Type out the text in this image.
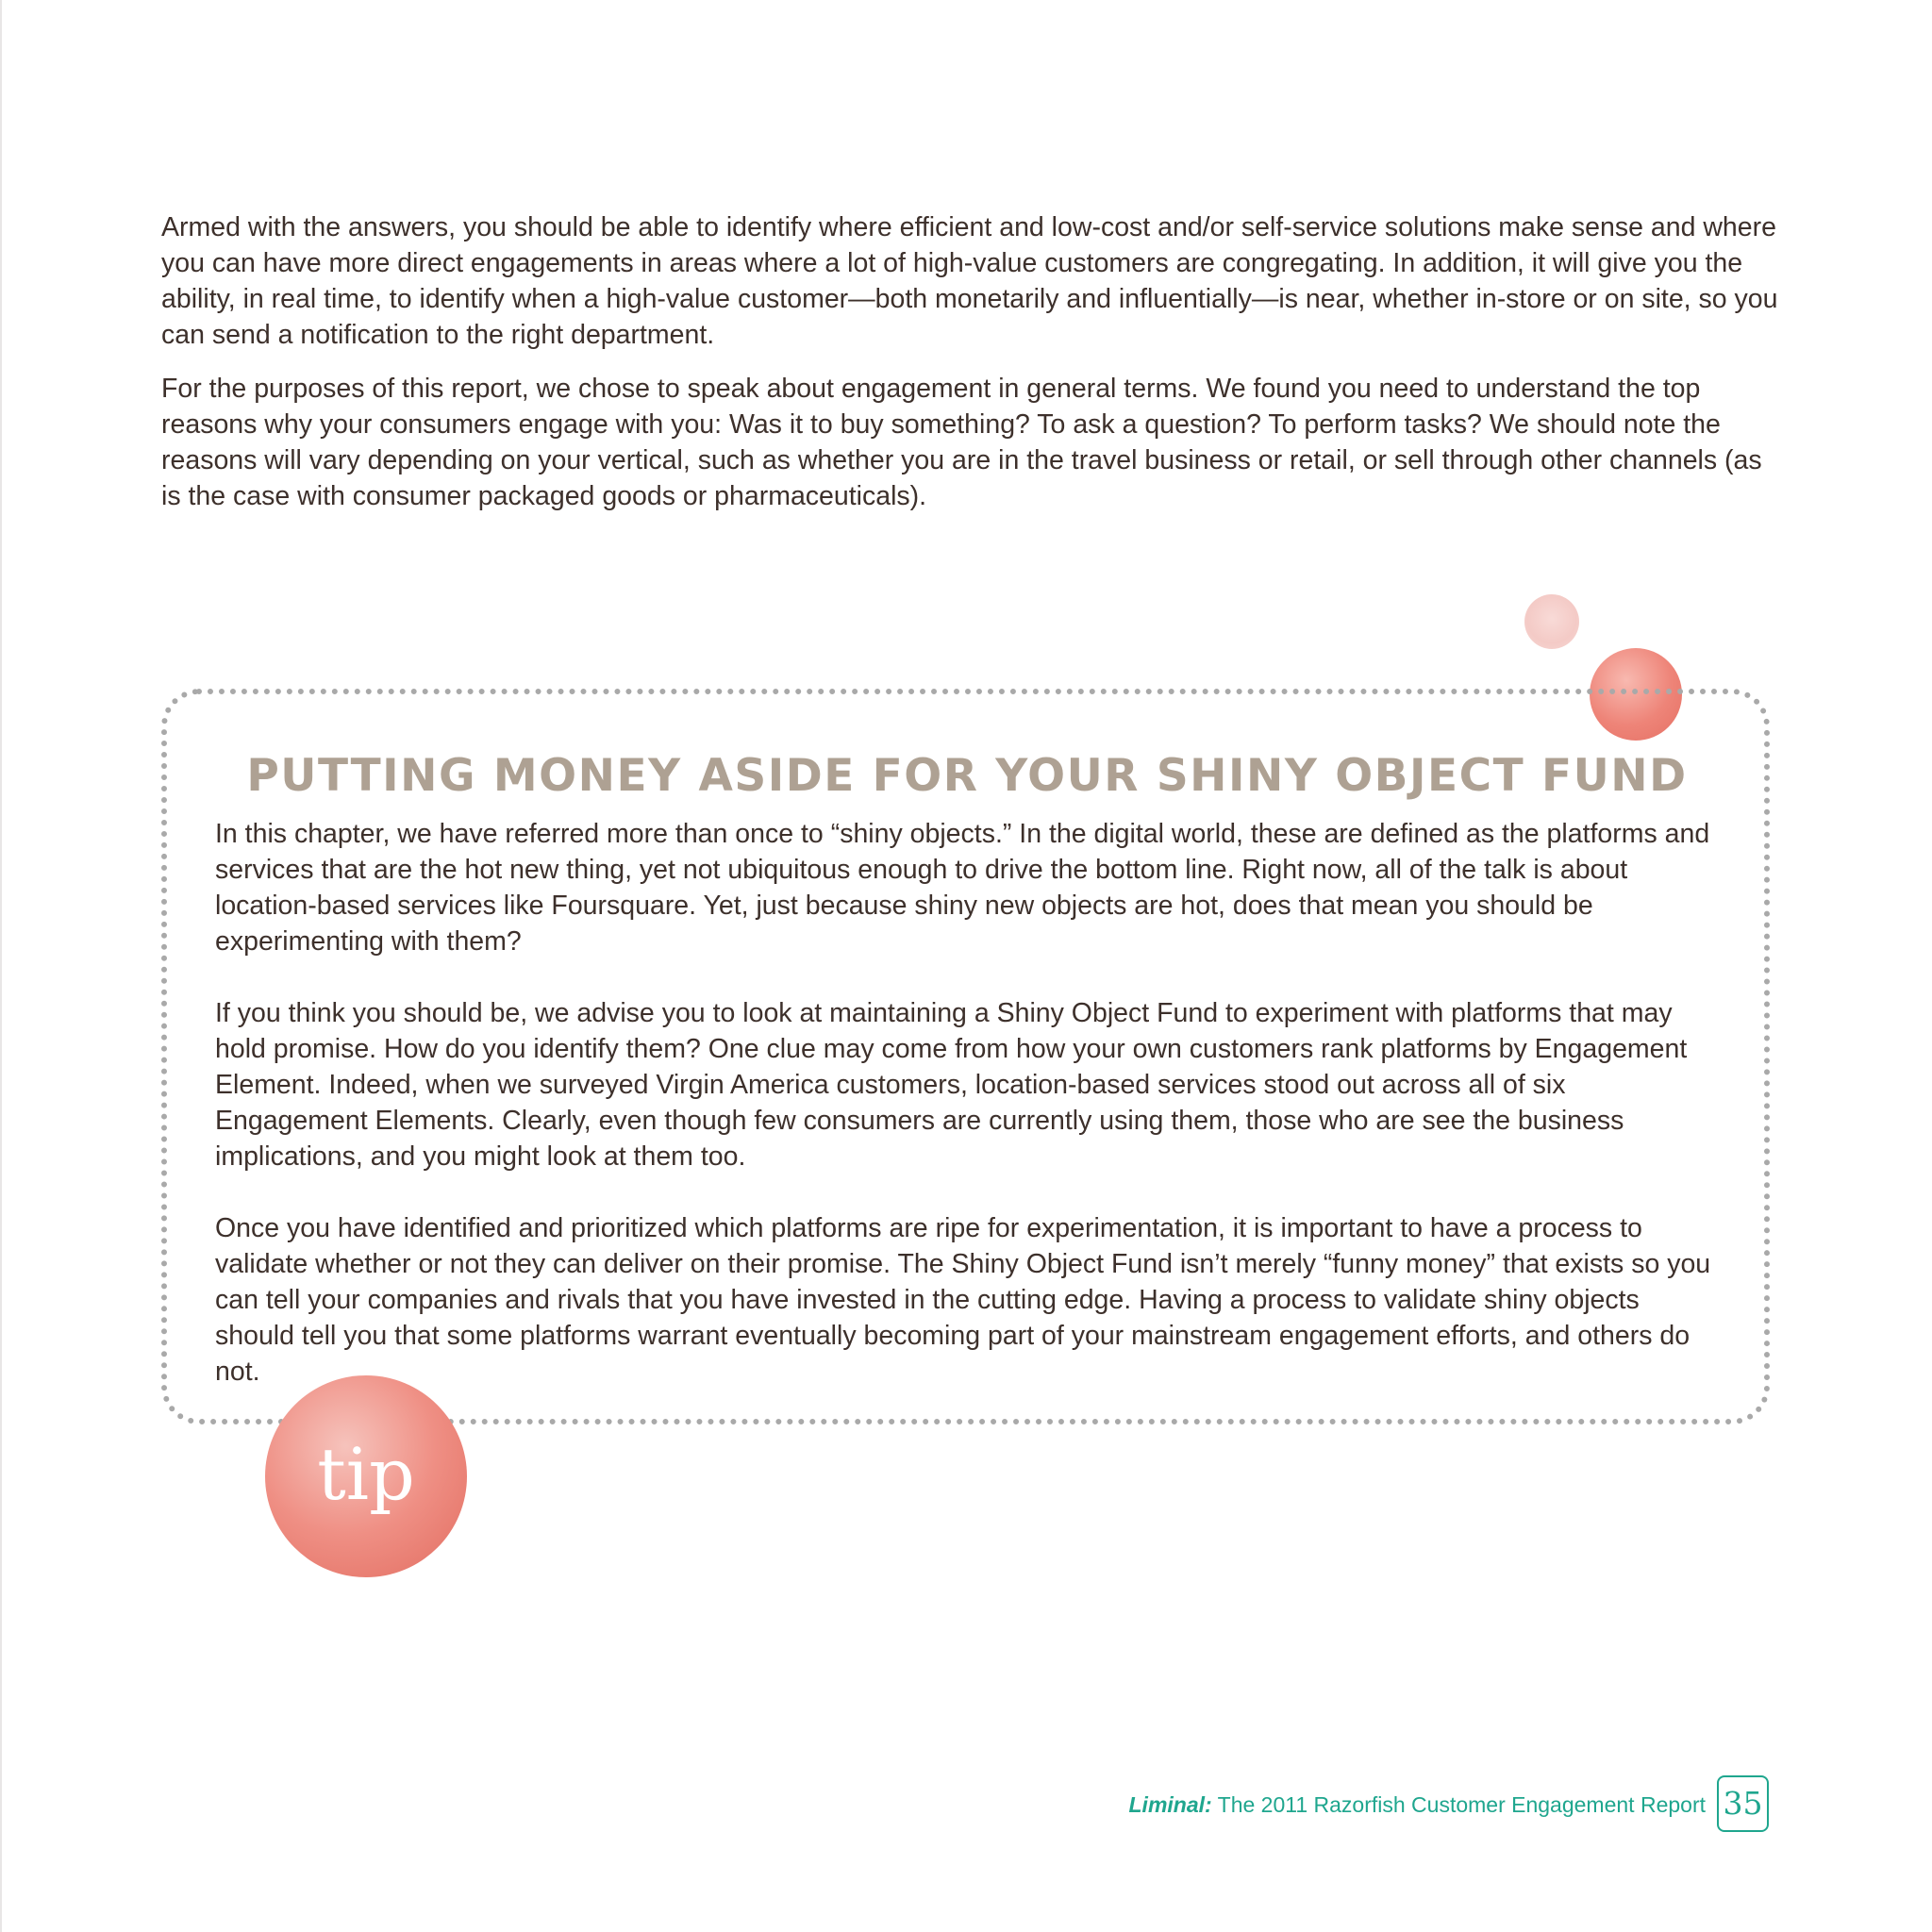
Armed with the answers, you should be able to identify where efficient and low-cost and/or self-service solutions make sense and where you can have more direct engagements in areas where a lot of high-value customers are congregating. In addition, it will give you the ability, in real time, to identify when a high-value customer—both monetarily and influentially—is near, whether in-store or on site, so you can send a notification to the right department.

For the purposes of this report, we chose to speak about engagement in general terms. We found you need to understand the top reasons why your consumers engage with you: Was it to buy something? To ask a question? To perform tasks? We should note the reasons will vary depending on your vertical, such as whether you are in the travel business or retail, or sell through other channels (as is the case with consumer packaged goods or pharmaceuticals).

PUTTING MONEY ASIDE FOR YOUR SHINY OBJECT FUND

In this chapter, we have referred more than once to “shiny objects.” In the digital world, these are defined as the platforms and services that are the hot new thing, yet not ubiquitous enough to drive the bottom line. Right now, all of the talk is about location-based services like Foursquare. Yet, just because shiny new objects are hot, does that mean you should be experimenting with them?

If you think you should be, we advise you to look at maintaining a Shiny Object Fund to experiment with platforms that may hold promise. How do you identify them? One clue may come from how your own customers rank platforms by Engagement Element. Indeed, when we surveyed Virgin America customers, location-based services stood out across all of six Engagement Elements. Clearly, even though few consumers are currently using them, those who are see the business implications, and you might look at them too.

Once you have identified and prioritized which platforms are ripe for experimentation, it is important to have a process to validate whether or not they can deliver on their promise. The Shiny Object Fund isn’t merely “funny money” that exists so you can tell your companies and rivals that you have invested in the cutting edge. Having a process to validate shiny objects should tell you that some platforms warrant eventually becoming part of your mainstream engagement efforts, and others do not.

tip

Liminal: The 2011 Razorfish Customer Engagement Report 35
